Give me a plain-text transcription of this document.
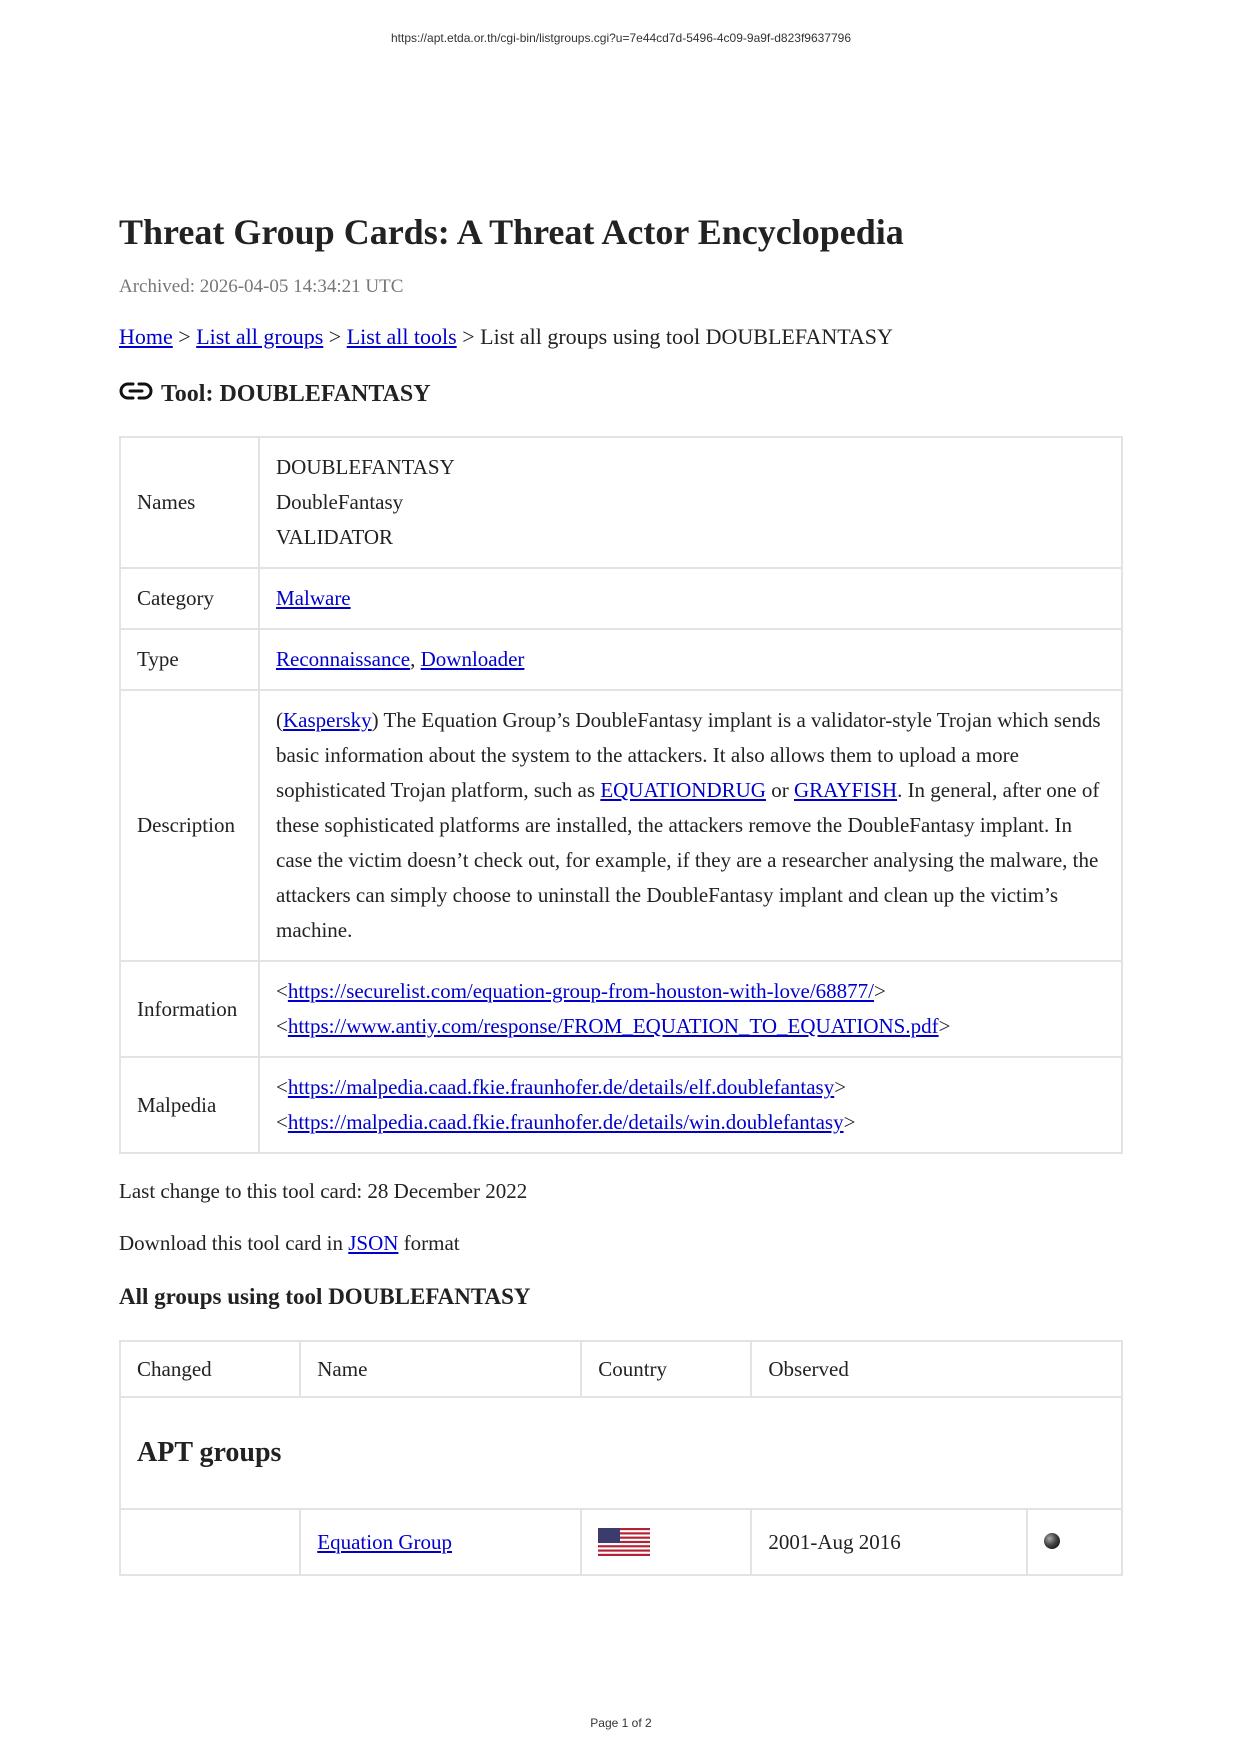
https://apt.etda.or.th/cgi-bin/listgroups.cgi?u=7e44cd7d-5496-4c09-9a9f-d823f9637796
Threat Group Cards: A Threat Actor Encyclopedia
Archived: 2026-04-05 14:34:21 UTC
Home > List all groups > List all tools > List all groups using tool DOUBLEFANTASY
Tool: DOUBLEFANTASY
Names	DOUBLEFANTASY
DoubleFantasy
VALIDATOR

Category	Malware
Type	Reconnaissance, Downloader
Description	(Kaspersky) The Equation Group’s DoubleFantasy implant is a validator-style Trojan which sends basic information about the system to the attackers. It also allows them to upload a more sophisticated Trojan platform, such as EQUATIONDRUG or GRAYFISH. In general, after one of these sophisticated platforms are installed, the attackers remove the DoubleFantasy implant. In case the victim doesn’t check out, for example, if they are a researcher analysing the malware, the attackers can simply choose to uninstall the DoubleFantasy implant and clean up the victim’s machine.
Information	<https://securelist.com/equation-group-from-houston-with-love/68877/>
<https://www.antiy.com/response/FROM_EQUATION_TO_EQUATIONS.pdf>

Malpedia	<https://malpedia.caad.fkie.fraunhofer.de/details/elf.doublefantasy>
<https://malpedia.caad.fkie.fraunhofer.de/details/win.doublefantasy>
Last change to this tool card: 28 December 2022
Download this tool card in JSON format
All groups using tool DOUBLEFANTASY
Changed	Name	Country	Observed	
APT groups				
	Equation Group		2001-Aug 2016	
Page 1 of 2
